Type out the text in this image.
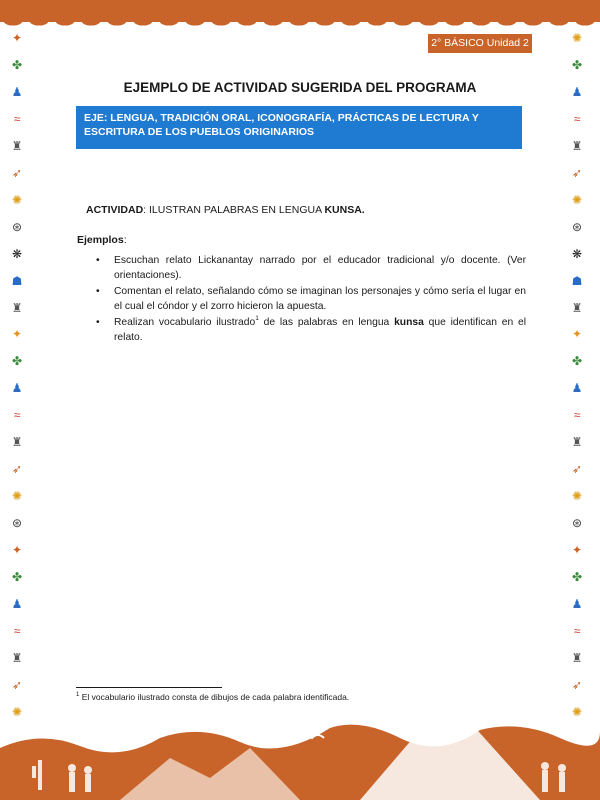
2° BÁSICO Unidad 2
✦
✤
♟
≈
♜
➶
✺
⊛
❋
☗
♜
✦
✤
♟
≈
♜
➶
✺
⊛
✦
✤
♟
≈
♜
➶
✺
✺
✤
♟
≈
♜
➶
✺
⊛
❋
☗
♜
✦
✤
♟
≈
♜
➶
✺
⊛
✦
✤
♟
≈
♜
➶
✺
EJEMPLO DE ACTIVIDAD SUGERIDA DEL PROGRAMA
EJE: LENGUA, TRADICIÓN ORAL, ICONOGRAFÍA, PRÁCTICAS DE LECTURA Y ESCRITURA DE LOS PUEBLOS ORIGINARIOS
ACTIVIDAD: ILUSTRAN PALABRAS EN LENGUA KUNSA.
Ejemplos:
• Escuchan relato Lickanantay narrado por el educador tradicional y/o docente. (Ver orientaciones).
• Comentan el relato, señalando cómo se imaginan los personajes y cómo sería el lugar en el cual el cóndor y el zorro hicieron la apuesta.
• Realizan vocabulario ilustrado$^1$ de las palabras en lengua kunsa que identifican en el relato.
$^1$ El vocabulario ilustrado consta de dibujos de cada palabra identificada.
